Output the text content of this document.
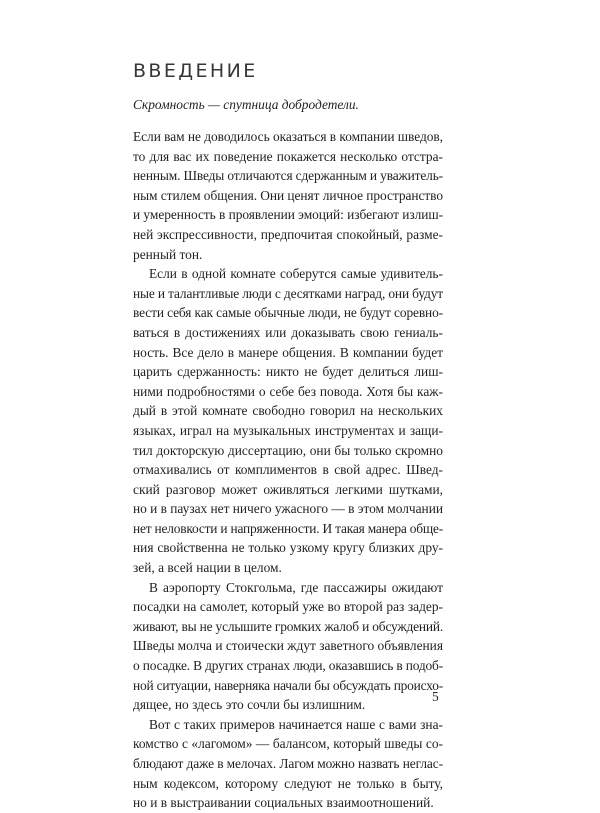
ВВЕДЕНИЕ

Скромность — спутница добродетели.

Если вам не доводилось оказаться в компании шведов,
то для вас их поведение покажется несколько отстра-
ненным. Шведы отличаются сдержанным и уважитель-
ным стилем общения. Они ценят личное пространство
и умеренность в проявлении эмоций: избегают излиш-
ней экспрессивности, предпочитая спокойный, разме-
ренный тон.
Если в одной комнате соберутся самые удивитель-
ные и талантливые люди с десятками наград, они будут
вести себя как самые обычные люди, не будут соревно-
ваться в достижениях или доказывать свою гениаль-
ность. Все дело в манере общения. В компании будет
царить сдержанность: никто не будет делиться лиш-
ними подробностями о себе без повода. Хотя бы каж-
дый в этой комнате свободно говорил на нескольких
языках, играл на музыкальных инструментах и защи-
тил докторскую диссертацию, они бы только скромно
отмахивались от комплиментов в свой адрес. Швед-
ский разговор может оживляться легкими шутками,
но и в паузах нет ничего ужасного — в этом молчании
нет неловкости и напряженности. И такая манера обще-
ния свойственна не только узкому кругу близких дру-
зей, а всей нации в целом.
В аэропорту Стокгольма, где пассажиры ожидают
посадки на самолет, который уже во второй раз задер-
живают, вы не услышите громких жалоб и обсуждений.
Шведы молча и стоически ждут заветного объявления
о посадке. В других странах люди, оказавшись в подоб-
ной ситуации, наверняка начали бы обсуждать происхо-
дящее, но здесь это сочли бы излишним.
Вот с таких примеров начинается наше с вами зна-
комство с «лагомом» — балансом, который шведы со-
блюдают даже в мелочах. Лагом можно назвать неглас-
ным кодексом, которому следуют не только в быту,
но и в выстраивании социальных взаимоотношений.
5
